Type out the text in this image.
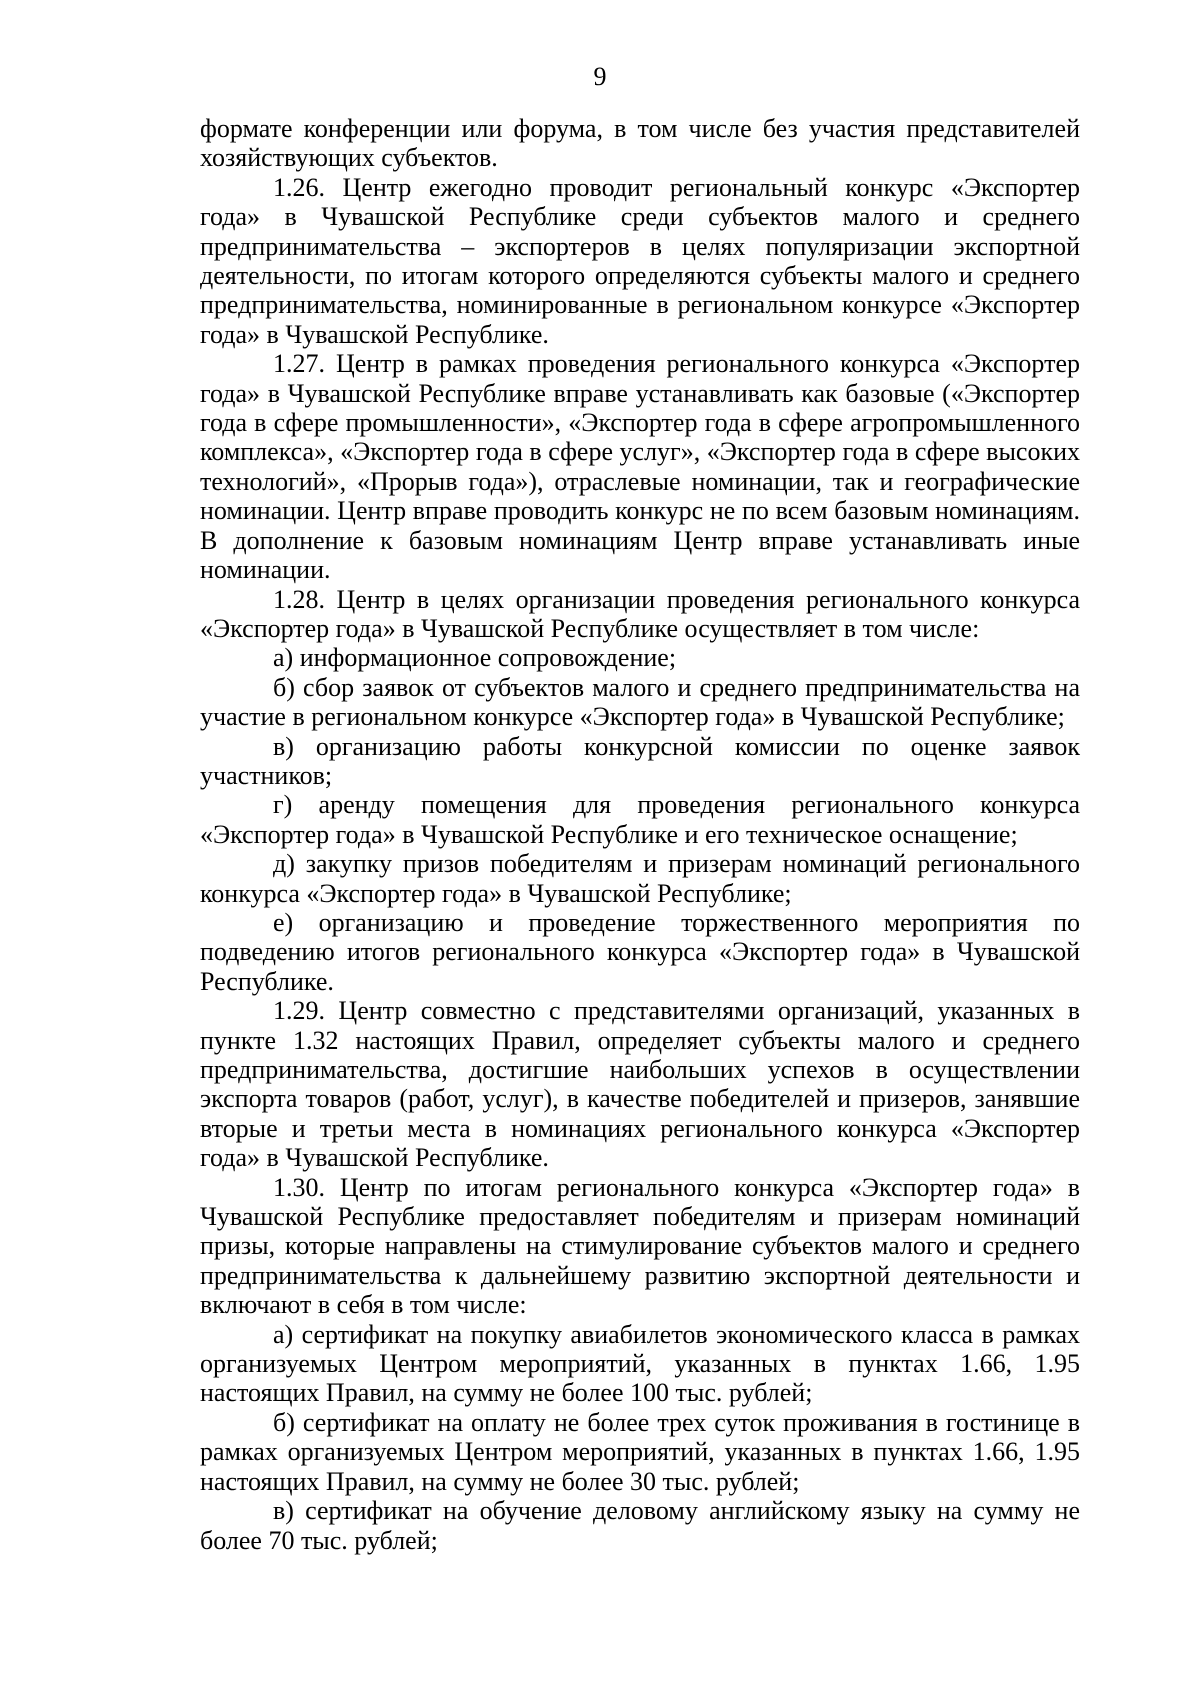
9

формате конференции или форума, в том числе без участия представителей хозяйствующих субъектов.

1.26. Центр ежегодно проводит региональный конкурс «Экспортер года» в Чувашской Республике среди субъектов малого и среднего предпринимательства – экспортеров в целях популяризации экспортной деятельности, по итогам которого определяются субъекты малого и среднего предпринимательства, номинированные в региональном конкурсе «Экспортер года» в Чувашской Республике.

1.27. Центр в рамках проведения регионального конкурса «Экспортер года» в Чувашской Республике вправе устанавливать как базовые («Экспортер года в сфере промышленности», «Экспортер года в сфере агропромышленного комплекса», «Экспортер года в сфере услуг», «Экспортер года в сфере высоких технологий», «Прорыв года»), отраслевые номинации, так и географические номинации. Центр вправе проводить конкурс не по всем базовым номинациям. В дополнение к базовым номинациям Центр вправе устанавливать иные номинации.

1.28. Центр в целях организации проведения регионального конкурса «Экспортер года» в Чувашской Республике осуществляет в том числе:

а) информационное сопровождение;

б) сбор заявок от субъектов малого и среднего предпринимательства на участие в региональном конкурсе «Экспортер года» в Чувашской Республике;

в) организацию работы конкурсной комиссии по оценке заявок участников;

г) аренду помещения для проведения регионального конкурса «Экспортер года» в Чувашской Республике и его техническое оснащение;

д) закупку призов победителям и призерам номинаций регионального конкурса «Экспортер года» в Чувашской Республике;

е) организацию и проведение торжественного мероприятия по подведению итогов регионального конкурса «Экспортер года» в Чувашской Республике.

1.29. Центр совместно с представителями организаций, указанных в пункте 1.32 настоящих Правил, определяет субъекты малого и среднего предпринимательства, достигшие наибольших успехов в осуществлении экспорта товаров (работ, услуг), в качестве победителей и призеров, занявшие вторые и третьи места в номинациях регионального конкурса «Экспортер года» в Чувашской Республике.

1.30. Центр по итогам регионального конкурса «Экспортер года» в Чувашской Республике предоставляет победителям и призерам номинаций призы, которые направлены на стимулирование субъектов малого и среднего предпринимательства к дальнейшему развитию экспортной деятельности и включают в себя в том числе:

а) сертификат на покупку авиабилетов экономического класса в рамках организуемых Центром мероприятий, указанных в пунктах 1.66, 1.95 настоящих Правил, на сумму не более 100 тыс. рублей;

б) сертификат на оплату не более трех суток проживания в гостинице в рамках организуемых Центром мероприятий, указанных в пунктах 1.66, 1.95 настоящих Правил, на сумму не более 30 тыс. рублей;

в) сертификат на обучение деловому английскому языку на сумму не более 70 тыс. рублей;
